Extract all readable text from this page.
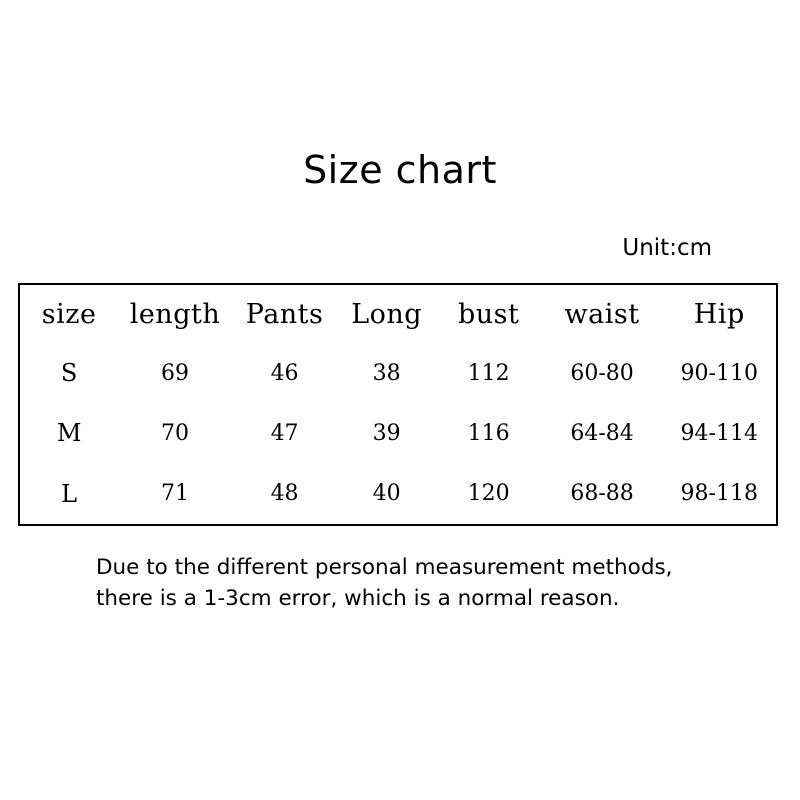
Size chart
Unit:cm
size	length	Pants	Long	bust	waist	Hip
S	69	46	38	112	60-80	90-110
M	70	47	39	116	64-84	94-114
L	71	48	40	120	68-88	98-118
Due to the different personal measurement methods,
there is a 1-3cm error, which is a normal reason.
